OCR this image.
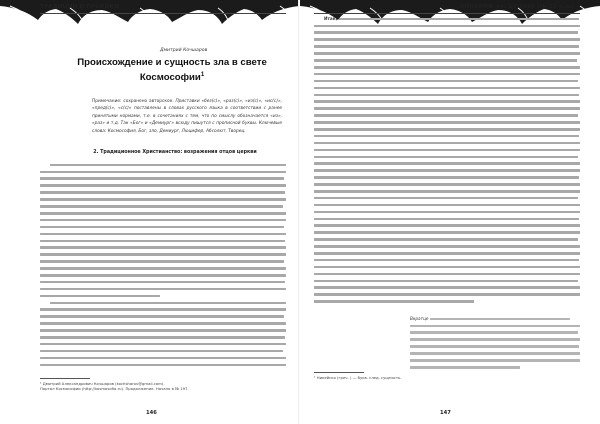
ТРАДИЦИИ И ПРОРОКИ
Дмитрий Кочшаров
Происхождение и сущность зла в свете Космософии$^1$
Примечание: сохранено авторское. Приставки «без(с)», «раз(с)», «из(с)», «ис(с)», «пред(с)», «с(с)» поставлены в словах русского языка в соответствии с ранее принятыми нормами, т.е. в сочетаниях с тем, что по смыслу обозначается «из», «раз» и т.д. Так «Бог» и «Демиург» всюду пишутся с прописной буквы. Ключевые слова: Космософия, Бог, зло, Демиург, Люцифер, Абсолют, Творец.
2. Традиционное Христианство: возражения отцов церкви
¹ Дмитрий Александрович Кочшаров (kochsharov@gmail.com).
Портал Космософии (http://kosmosofia.ru). Продолжение. Начало в № 197.
146
АПОКРИФ-по: 12:2016 (№ 52 е.п.)
Итак,
Вкратце
¹ Никейско (греч. ) — букв. след. сущность.
147
